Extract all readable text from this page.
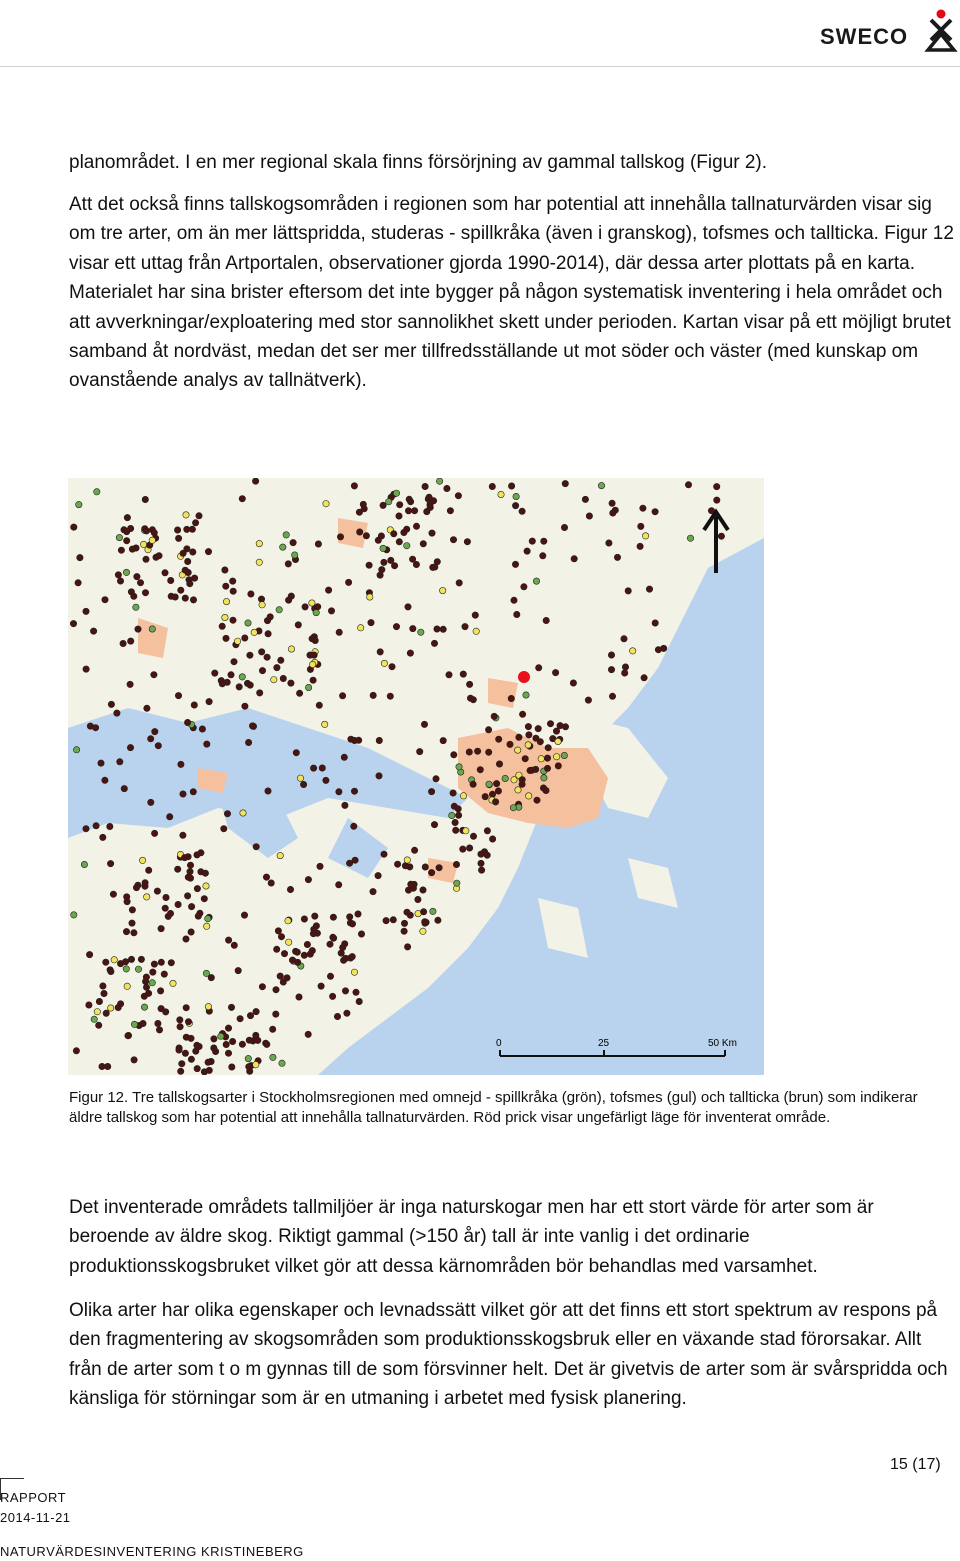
SWECO

planområdet. I en mer regional skala finns försörjning av gammal tallskog (Figur 2).

Att det också finns tallskogsområden i regionen som har potential att innehålla tallnaturvärden visar sig om tre arter, om än mer lättspridda, studeras - spillkråka (även i granskog), tofsmes och tallticka. Figur 12 visar ett uttag från Artportalen, observationer gjorda 1990-2014), där dessa arter plottats på en karta. Materialet har sina brister eftersom det inte bygger på någon systematisk inventering i hela området och att avverkningar/exploatering med stor sannolikhet skett under perioden. Kartan visar på ett möjligt brutet samband åt nordväst, medan det ser mer tillfredsställande ut mot söder och väster (med kunskap om ovanstående analys av tallnätverk).

0	25	50 Km

Figur 12. Tre tallskogsarter i Stockholmsregionen med omnejd - spillkråka (grön), tofsmes (gul) och tallticka (brun) som indikerar äldre tallskog som har potential att innehålla tallnaturvärden. Röd prick visar ungefärligt läge för inventerat område.

Det inventerade områdets tallmiljöer är inga naturskogar men har ett stort värde för arter som är beroende av äldre skog. Riktigt gammal (>150 år) tall är inte vanlig i det ordinarie produktionsskogsbruket vilket gör att dessa kärnområden bör behandlas med varsamhet.

Olika arter har olika egenskaper och levnadssätt vilket gör att det finns ett stort spektrum av respons på den fragmentering av skogsområden som produktionsskogsbruk eller en växande stad förorsakar. Allt från de arter som t o m gynnas till de som försvinner helt. Det är givetvis de arter som är svårspridda och känsliga för störningar som är en utmaning i arbetet med fysisk planering.

15 (17)
RAPPORT
2014-11-21
NATURVÄRDESINVENTERING KRISTINEBERG
